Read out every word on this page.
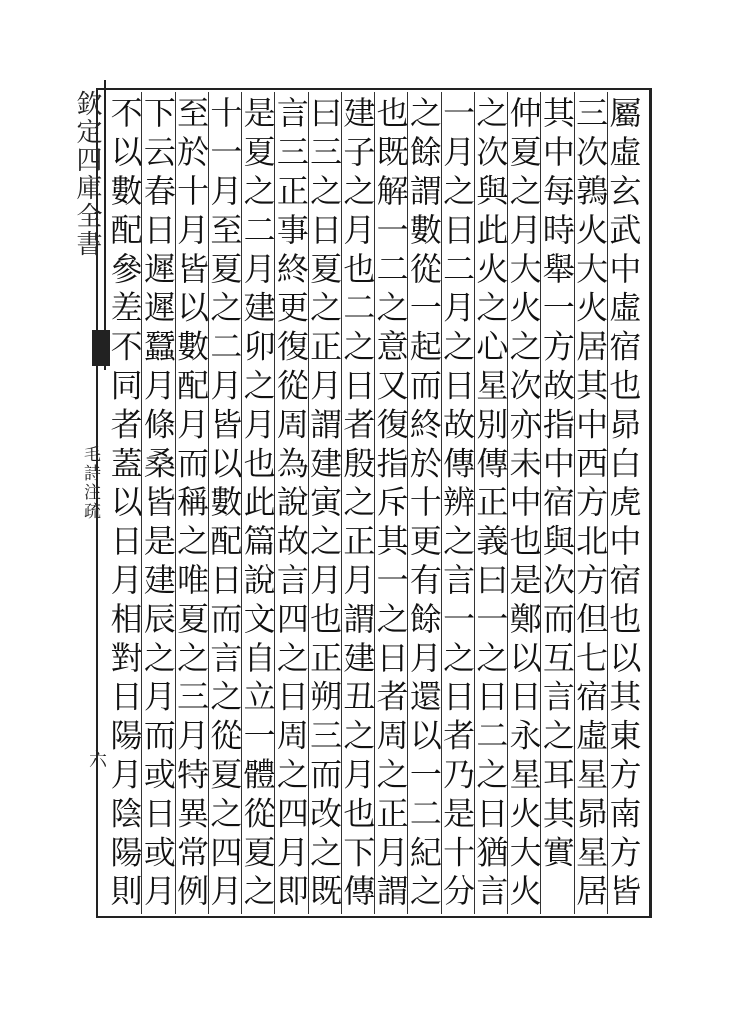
欽定四庫全書
毛詩注疏
六	屬虛玄武中虛宿也昴白虎中宿也以其東方南方皆
三次鶉火大火居其中西方北方但七宿虛星昴星居
其中每時舉一方故指中宿與次而互言之耳其實
仲夏之月大火之次亦未中也是鄭以日永星火大火
之次與此火之心星別傳正義曰一之日二之日猶言
一月之日二月之日故傳辨之言一之日者乃是十分
之餘謂數從一起而終於十更有餘月還以一二紀之
也既解一二之意又復指斥其一之日者周之正月謂
建子之月也二之日者殷之正月謂建丑之月也下傳
曰三之日夏之正月謂建寅之月也正朔三而改之既
言三正事終更復從周為說故言四之日周之四月即
是夏之二月建卯之月也此篇說文自立一體從夏之
十一月至夏之二月皆以數配日而言之從夏之四月
至於十月皆以數配月而稱之唯夏之三月特異常例
下云春日遲遲蠶月條桑皆是建辰之月而或日或月
不以數配參差不同者蓋以日月相對日陽月陰陽則
